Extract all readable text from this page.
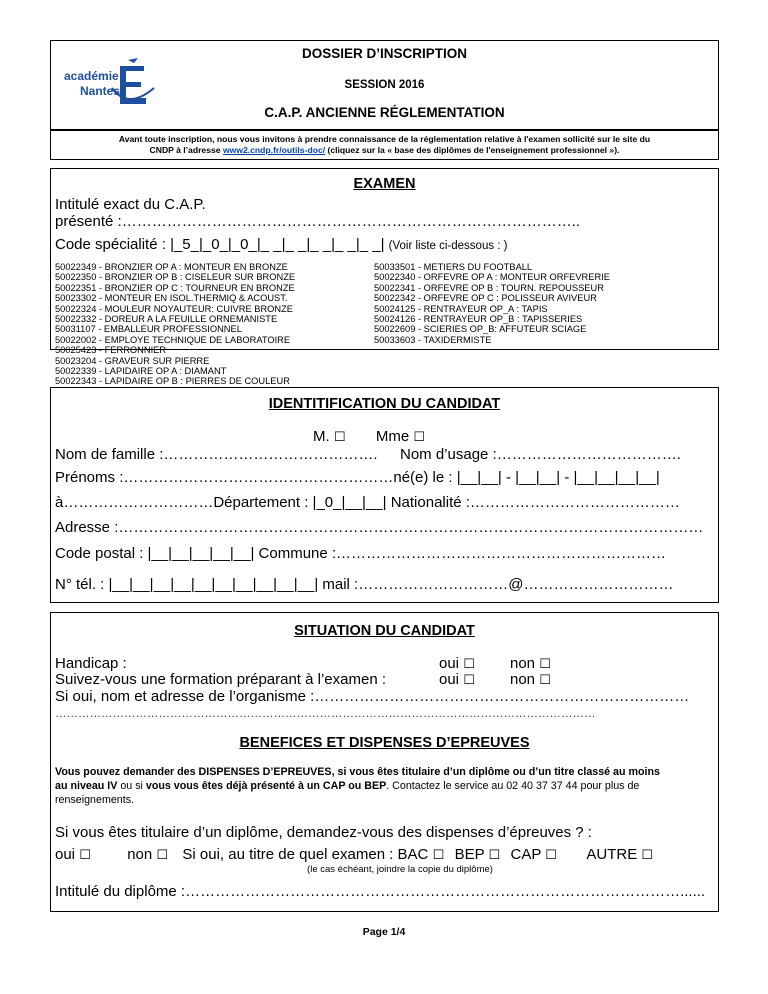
académie
Nantes
DOSSIER D’INSCRIPTION
SESSION 2016
C.A.P. ANCIENNE RÉGLEMENTATION
Avant toute inscription, nous vous invitons à prendre connaissance de la réglementation relative à l'examen sollicité sur le site du
CNDP à l’adresse www2.cndp.fr/outils-doc/ (cliquez sur la « base des diplômes de l'enseignement professionnel »).
EXAMEN
Intitulé exact du C.A.P.
présenté :………………………………………………………………………………..
Code spécialité : |_5_|_0_|_0_|_ _|_ _|_ _|_ _|_ _| (Voir liste ci-dessous : )
50022349 - BRONZIER OP A : MONTEUR EN BRONZE
50022350 - BRONZIER OP B : CISELEUR SUR BRONZE
50022351 - BRONZIER OP C : TOURNEUR EN BRONZE
50023302 - MONTEUR EN ISOL.THERMIQ & ACOUST.
50022324 - MOULEUR NOYAUTEUR: CUIVRE BRONZE
50022332 - DOREUR A LA FEUILLE ORNEMANISTE
50031107 - EMBALLEUR PROFESSIONNEL
50022002 - EMPLOYE TECHNIQUE DE LABORATOIRE
50025423 - FERRONNIER
50023204 - GRAVEUR SUR PIERRE
50022339 - LAPIDAIRE OP A : DIAMANT
50022343 - LAPIDAIRE OP B : PIERRES DE COULEUR
50033501 - METIERS DU FOOTBALL
50022340 - ORFEVRE OP A : MONTEUR ORFEVRERIE
50022341 - ORFEVRE OP B : TOURN. REPOUSSEUR
50022342 - ORFEVRE OP C : POLISSEUR AVIVEUR
50024125 - RENTRAYEUR OP_A : TAPIS
50024126 - RENTRAYEUR OP_B : TAPISSERIES
50022609 - SCIERIES OP_B: AFFUTEUR SCIAGE
50033603 - TAXIDERMISTE
IDENTITIFICATION DU CANDIDAT
M. ☐ Mme ☐
Nom de famille :……………………………………. Nom d’usage :……………………………….
Prénoms :………………………………………………né(e) le : |__|__| - |__|__| - |__|__|__|__|
à…………………………Département : |_0_|__|__| Nationalité :……………………………………
Adresse :………………………………………………………………………………………………………
Code postal : |__|__|__|__|__| Commune :…………………………………………………………
N° tél. : |__|__|__|__|__|__|__|__|__|__| mail :…………………………@…………………………
SITUATION DU CANDIDAT
Handicap :	oui ☐ non ☐
Suivez-vous une formation préparant à l’examen :	oui ☐ non ☐
Si oui, nom et adresse de l’organisme :…………………………………………………………………
……………………………………………………………………………………………………………………………
BENEFICES ET DISPENSES D’EPREUVES
Vous pouvez demander des DISPENSES D’EPREUVES, si vous êtes titulaire d’un diplôme ou d’un titre classé au moins
au niveau IV ou si vous vous êtes déjà présenté à un CAP ou BEP. Contactez le service au 02 40 37 37 44 pour plus de
renseignements.
Si vous êtes titulaire d’un diplôme, demandez-vous des dispenses d’épreuves ? :
oui ☐ non ☐ Si oui, au titre de quel examen : BAC ☐ BEP ☐ CAP ☐ AUTRE ☐
(le cas échéant, joindre la copie du diplôme)
Intitulé du diplôme :………………………………………………………………………………………......
Page 1/4
